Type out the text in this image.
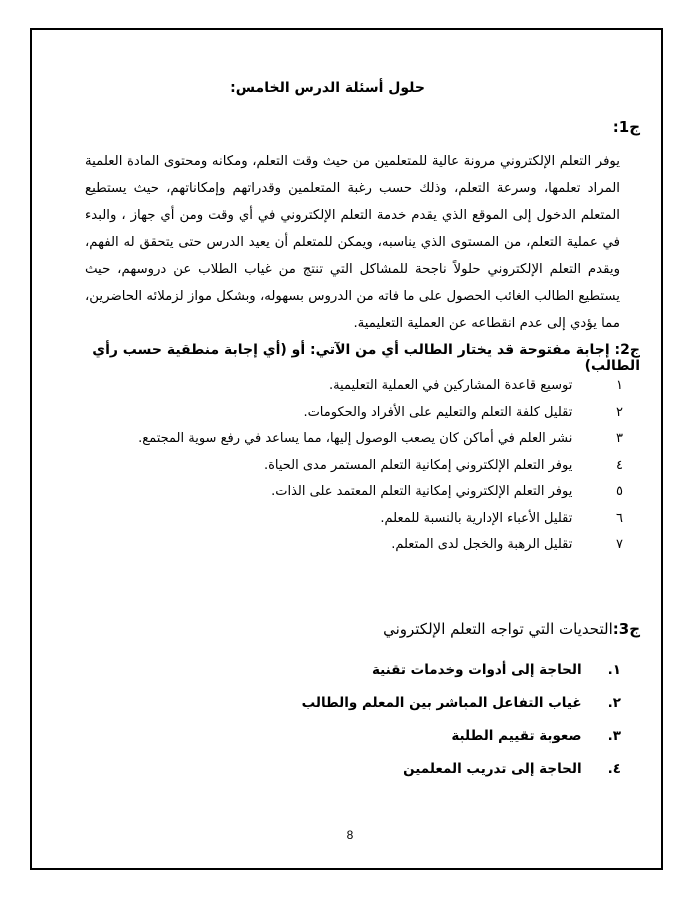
حلول أسئلة الدرس الخامس:
ج1:
يوفر التعلم الإلكتروني مرونة عالية للمتعلمين من حيث وقت التعلم، ومكانه ومحتوى المادة العلمية المراد تعلمها، وسرعة التعلم، وذلك حسب رغبة المتعلمين وقدراتهم وإمكاناتهم، حيث يستطيع المتعلم الدخول إلى الموقع الذي يقدم خدمة التعلم الإلكتروني في أي وقت ومن أي جهاز ، والبدء في عملية التعلم، من المستوى الذي يناسبه، ويمكن للمتعلم أن يعيد الدرس حتى يتحقق له الفهم، ويقدم التعلم الإلكتروني حلولاً ناجحة للمشاكل التي تنتج من غياب الطلاب عن دروسهم، حيث يستطيع الطالب الغائب الحصول على ما فاته من الدروس بسهوله، وبشكل مواز لزملائه الحاضرين، مما يؤدي إلى عدم انقطاعه عن العملية التعليمية.
ج2: إجابة مفتوحة قد يختار الطالب أي من الآتي: أو (أي إجابة منطقية حسب رأي الطالب)
١     توسيع قاعدة المشاركين في العملية التعليمية.
٢     تقليل كلفة التعلم والتعليم على الأفراد والحكومات.
٣     نشر العلم في أماكن كان يصعب الوصول إليها، مما يساعد في رفع سوية المجتمع.
٤     يوفر التعلم الإلكتروني إمكانية التعلم المستمر مدى الحياة.
٥     يوفر التعلم الإلكتروني إمكانية التعلم المعتمد على الذات.
٦     تقليل الأعباء الإدارية بالنسبة للمعلم.
٧     تقليل الرهبة والخجل لدى المتعلم.
ج3:التحديات التي تواجه التعلم الإلكتروني
١.  الحاجة إلى أدوات وخدمات تقنية
٢.  غياب التفاعل المباشر بين المعلم والطالب
٣.  صعوبة تقييم الطلبة
٤.  الحاجة إلى تدريب المعلمين
8
